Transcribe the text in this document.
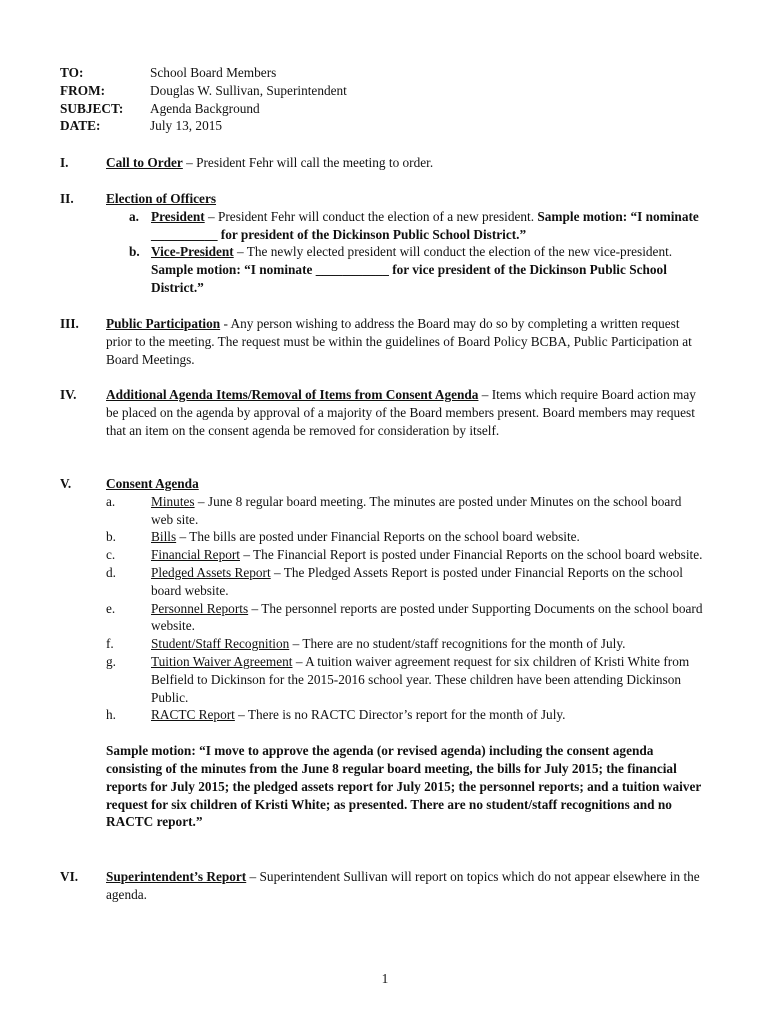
TO:	School Board Members
FROM:	Douglas W. Sullivan, Superintendent
SUBJECT:	Agenda Background
DATE:	July 13, 2015
I.	Call to Order – President Fehr will call the meeting to order.
II. Election of Officers
a. President – President Fehr will conduct the election of a new president. Sample motion: “I nominate __________ for president of the Dickinson Public School District.”
b. Vice-President – The newly elected president will conduct the election of the new vice-president. Sample motion: “I nominate ___________ for vice president of the Dickinson Public School District.”
III. Public Participation - Any person wishing to address the Board may do so by completing a written request prior to the meeting. The request must be within the guidelines of Board Policy BCBA, Public Participation at Board Meetings.
IV. Additional Agenda Items/Removal of Items from Consent Agenda – Items which require Board action may be placed on the agenda by approval of a majority of the Board members present. Board members may request that an item on the consent agenda be removed for consideration by itself.
V.	Consent Agenda
a.	Minutes – June 8 regular board meeting. The minutes are posted under Minutes on the school board web site.
b.	Bills – The bills are posted under Financial Reports on the school board website.
c.	Financial Report – The Financial Report is posted under Financial Reports on the school board website.
d.	Pledged Assets Report – The Pledged Assets Report is posted under Financial Reports on the school board website.
e.	Personnel Reports – The personnel reports are posted under Supporting Documents on the school board website.
f.	Student/Staff Recognition – There are no student/staff recognitions for the month of July.
g.	Tuition Waiver Agreement – A tuition waiver agreement request for six children of Kristi White from Belfield to Dickinson for the 2015-2016 school year. These children have been attending Dickinson Public.
h.	RACTC Report – There is no RACTC Director’s report for the month of July.
Sample motion: “I move to approve the agenda (or revised agenda) including the consent agenda consisting of the minutes from the June 8 regular board meeting, the bills for July 2015; the financial reports for July 2015; the pledged assets report for July 2015; the personnel reports; and a tuition waiver request for six children of Kristi White; as presented. There are no student/staff recognitions and no RACTC report.”
VI. Superintendent’s Report – Superintendent Sullivan will report on topics which do not appear elsewhere in the agenda.
1
